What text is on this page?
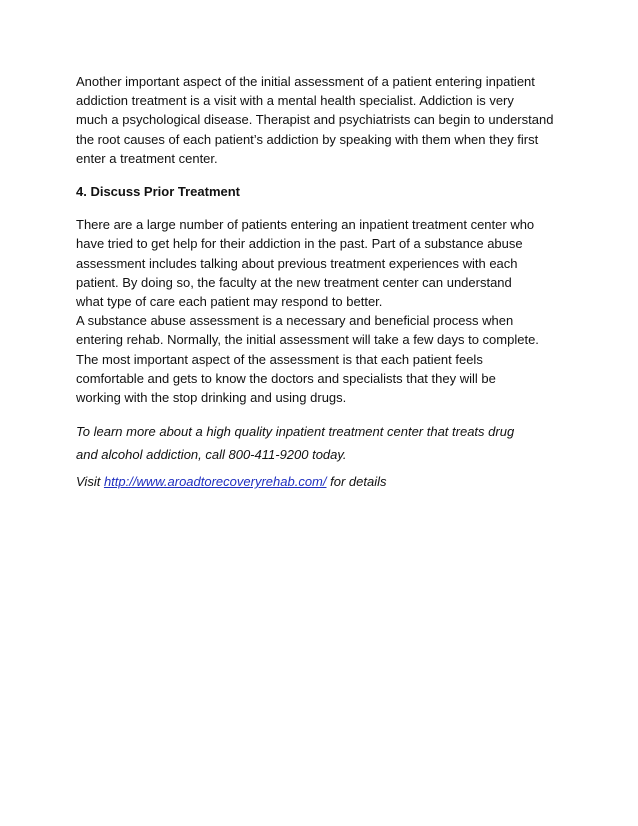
Another important aspect of the initial assessment of a patient entering inpatient
addiction treatment is a visit with a mental health specialist. Addiction is very
much a psychological disease. Therapist and psychiatrists can begin to understand
the root causes of each patient’s addiction by speaking with them when they first
enter a treatment center.
4. Discuss Prior Treatment
There are a large number of patients entering an inpatient treatment center who
have tried to get help for their addiction in the past. Part of a substance abuse
assessment includes talking about previous treatment experiences with each
patient. By doing so, the faculty at the new treatment center can understand
what type of care each patient may respond to better.
A substance abuse assessment is a necessary and beneficial process when
entering rehab. Normally, the initial assessment will take a few days to complete.
The most important aspect of the assessment is that each patient feels
comfortable and gets to know the doctors and specialists that they will be
working with the stop drinking and using drugs.
To learn more about a high quality inpatient treatment center that treats drug
and alcohol addiction, call 800-411-9200 today.
Visit http://www.aroadtorecoveryrehab.com/ for details
